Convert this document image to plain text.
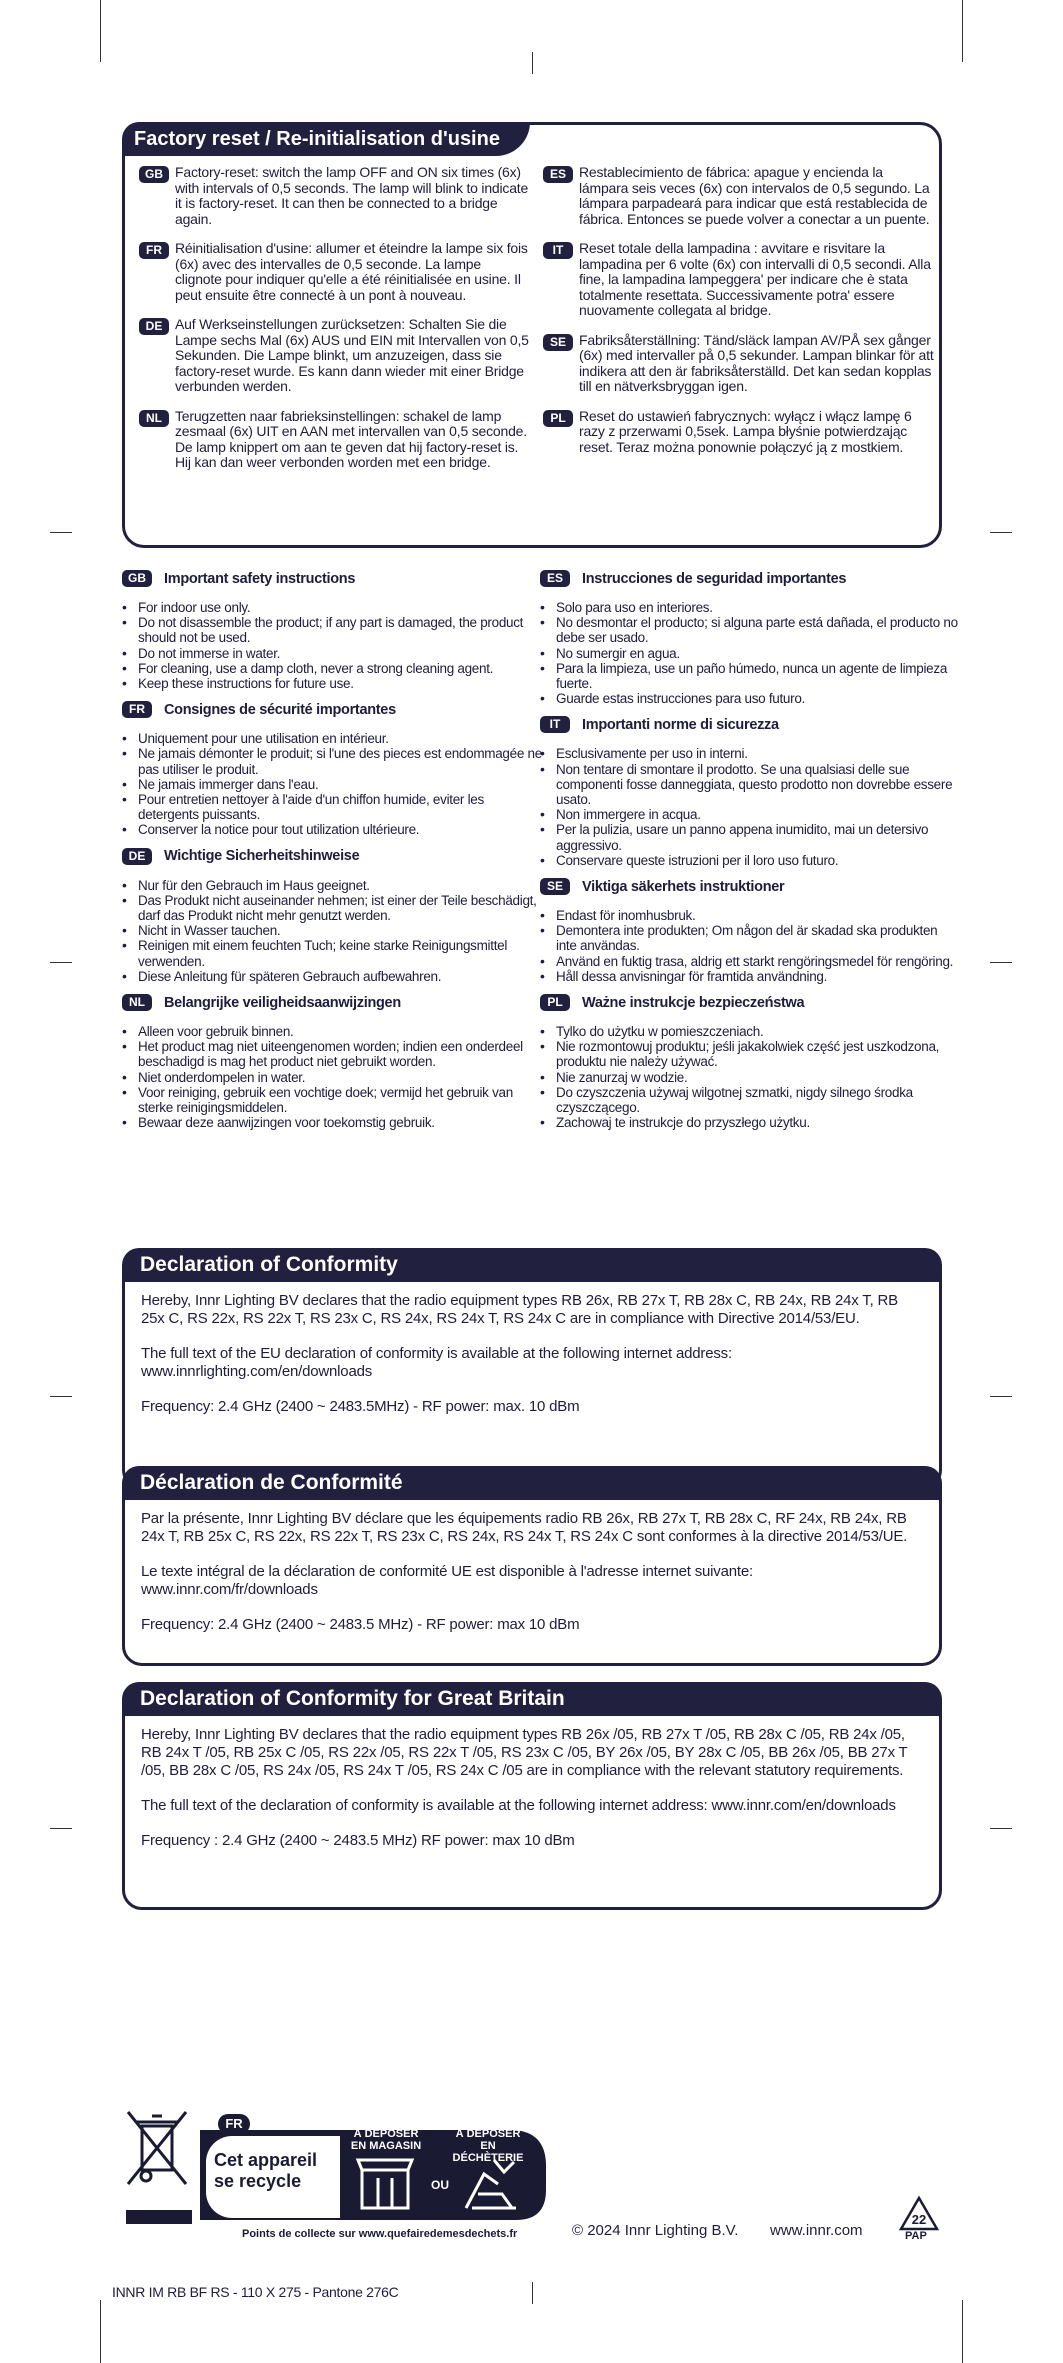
Factory reset / Re-initialisation d'usine
GB Factory-reset: switch the lamp OFF and ON six times (6x) with intervals of 0,5 seconds. The lamp will blink to indicate it is factory-reset. It can then be connected to a bridge again.
FR Réinitialisation d'usine: allumer et éteindre la lampe six fois (6x) avec des intervalles de 0,5 seconde. La lampe clignote pour indiquer qu'elle a été réinitialisée en usine. Il peut ensuite être connecté à un pont à nouveau.
DE Auf Werkseinstellungen zurücksetzen: Schalten Sie die Lampe sechs Mal (6x) AUS und EIN mit Intervallen von 0,5 Sekunden. Die Lampe blinkt, um anzuzeigen, dass sie factory-reset wurde. Es kann dann wieder mit einer Bridge verbunden werden.
NL Terugzetten naar fabrieksinstellingen: schakel de lamp zesmaal (6x) UIT en AAN met intervallen van 0,5 seconde. De lamp knippert om aan te geven dat hij factory-reset is. Hij kan dan weer verbonden worden met een bridge.
ES Restablecimiento de fábrica: apague y encienda la lámpara seis veces (6x) con intervalos de 0,5 segundo. La lámpara parpadeará para indicar que está restablecida de fábrica. Entonces se puede volver a conectar a un puente.
IT	Reset totale della lampadina : avvitare e risvitare la lampadina per 6 volte (6x) con intervalli di 0,5 secondi. Alla fine, la lampadina lampeggera' per indicare che è stata totalmente resettata. Successivamente potra' essere nuovamente collegata al bridge.
SE Fabriksåterställning: Tänd/släck lampan AV/PÅ sex gånger (6x) med intervaller på 0,5 sekunder. Lampan blinkar för att indikera att den är fabriksåterställd. Det kan sedan kopplas till en nätverksbryggan igen.
PL Reset do ustawień fabrycznych: wyłącz i włącz lampę 6 razy z przerwami 0,5sek. Lampa błyśnie potwierdzając reset. Teraz można ponownie połączyć ją z mostkiem.
GB	Important safety instructions
• For indoor use only.
• Do not disassemble the product; if any part is damaged, the product should not be used.
• Do not immerse in water.
• For cleaning, use a damp cloth, never a strong cleaning agent.
• Keep these instructions for future use.
FR	Consignes de sécurité importantes
• Uniquement pour une utilisation en intérieur.
• Ne jamais démonter le produit; si l'une des pieces est endommagée ne pas utiliser le produit.
• Ne jamais immerger dans l'eau.
• Pour entretien nettoyer à l'aide d'un chiffon humide, eviter les detergents puissants.
• Conserver la notice pour tout utilization ultérieure.
DE	Wichtige Sicherheitshinweise
• Nur für den Gebrauch im Haus geeignet.
• Das Produkt nicht auseinander nehmen; ist einer der Teile beschädigt, darf das Produkt nicht mehr genutzt werden.
• Nicht in Wasser tauchen.
• Reinigen mit einem feuchten Tuch; keine starke Reinigungsmittel verwenden.
• Diese Anleitung für späteren Gebrauch aufbewahren.
NL	Belangrijke veiligheidsaanwijzingen
• Alleen voor gebruik binnen.
• Het product mag niet uiteengenomen worden; indien een onderdeel beschadigd is mag het product niet gebruikt worden.
• Niet onderdompelen in water.
• Voor reiniging, gebruik een vochtige doek; vermijd het gebruik van sterke reinigingsmiddelen.
• Bewaar deze aanwijzingen voor toekomstig gebruik.
ES	Instrucciones de seguridad importantes
• Solo para uso en interiores.
• No desmontar el producto; si alguna parte está dañada, el producto no debe ser usado.
• No sumergir en agua.
• Para la limpieza, use un paño húmedo, nunca un agente de limpieza fuerte.
• Guarde estas instrucciones para uso futuro.
IT	Importanti norme di sicurezza
• Esclusivamente per uso in interni.
• Non tentare di smontare il prodotto. Se una qualsiasi delle sue componenti fosse danneggiata, questo prodotto non dovrebbe essere usato.
• Non immergere in acqua.
• Per la pulizia, usare un panno appena inumidito, mai un detersivo aggressivo.
• Conservare queste istruzioni per il loro uso futuro.
SE	Viktiga säkerhets instruktioner
• Endast för inomhusbruk.
• Demontera inte produkten; Om någon del är skadad ska produkten inte användas.
• Använd en fuktig trasa, aldrig ett starkt rengöringsmedel för rengöring.
• Håll dessa anvisningar för framtida användning.
PL	Ważne instrukcje bezpieczeństwa
• Tylko do użytku w pomieszczeniach.
• Nie rozmontowuj produktu; jeśli jakakolwiek część jest uszkodzona, produktu nie należy używać.
• Nie zanurzaj w wodzie.
• Do czyszczenia używaj wilgotnej szmatki, nigdy silnego środka czyszczącego.
• Zachowaj te instrukcje do przyszłego użytku.
Declaration of Conformity

Hereby, Innr Lighting BV declares that the radio equipment types RB 26x, RB 27x T, RB 28x C, RB 24x, RB 24x T, RB 25x C, RS 22x, RS 22x T, RS 23x C, RS 24x, RS 24x T, RS 24x C are in compliance with Directive 2014/53/EU.

The full text of the EU declaration of conformity is available at the following internet address: www.innrlighting.com/en/downloads

Frequency: 2.4 GHz (2400 ~ 2483.5MHz) - RF power: max. 10 dBm

Déclaration de Conformité

Par la présente, Innr Lighting BV déclare que les équipements radio RB 26x, RB 27x T, RB 28x C, RF 24x, RB 24x, RB 24x T, RB 25x C, RS 22x, RS 22x T, RS 23x C, RS 24x, RS 24x T, RS 24x C sont conformes à la directive 2014/53/UE.

Le texte intégral de la déclaration de conformité UE est disponible à l'adresse internet suivante: www.innr.com/fr/downloads

Frequency: 2.4 GHz (2400 ~ 2483.5 MHz) - RF power: max 10 dBm

Declaration of Conformity for Great Britain

Hereby, Innr Lighting BV declares that the radio equipment types RB 26x /05, RB 27x T /05, RB 28x C /05, RB 24x /05, RB 24x T /05, RB 25x C /05, RS 22x /05, RS 22x T /05, RS 23x C /05, BY 26x /05, BY 28x C /05, BB 26x /05, BB 27x T /05, BB 28x C /05, RS 24x /05, RS 24x T /05, RS 24x C /05 are in compliance with the relevant statutory requirements.

The full text of the declaration of conformity is available at the following internet address: www.innr.com/en/downloads

Frequency : 2.4 GHz (2400 ~ 2483.5 MHz) RF power: max 10 dBm

FR
Cet appareil
se recycle
À DÉPOSER
EN MAGASIN
À DÉPOSER
EN DÉCHÈTERIE
OU
Points de collecte sur www.quefairedemesdechets.fr	© 2024 Innr Lighting B.V. www.innr.com
22
PAP
INNR IM RB BF RS - 110 X 275 - Pantone 276C
